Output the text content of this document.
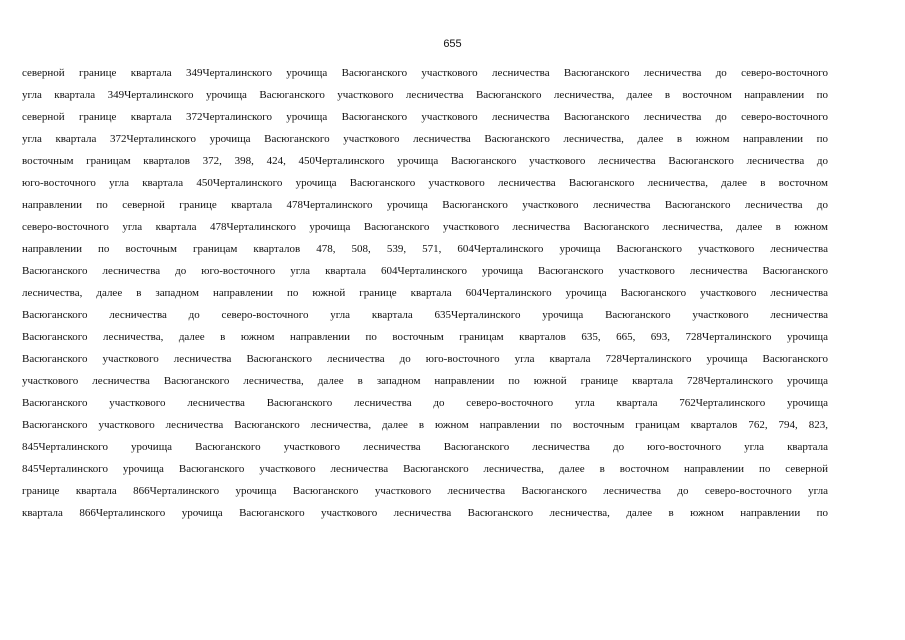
655
северной границе квартала 349Черталинского урочища Васюганского участкового лесничества Васюганского лесничества до северо-восточного
угла квартала 349Черталинского урочища Васюганского участкового лесничества Васюганского лесничества, далее в восточном направлении по
северной границе квартала 372Черталинского урочища Васюганского участкового лесничества Васюганского лесничества до северо-восточного
угла квартала 372Черталинского урочища Васюганского участкового лесничества Васюганского лесничества, далее в южном направлении по
восточным границам кварталов 372, 398, 424, 450Черталинского урочища Васюганского участкового лесничества Васюганского лесничества до
юго-восточного угла квартала 450Черталинского урочища Васюганского участкового лесничества Васюганского лесничества, далее в восточном
направлении по северной границе квартала 478Черталинского урочища Васюганского участкового лесничества Васюганского лесничества до
северо-восточного угла квартала 478Черталинского урочища Васюганского участкового лесничества Васюганского лесничества, далее в южном
направлении по восточным границам кварталов 478, 508, 539, 571, 604Черталинского урочища Васюганского участкового лесничества
Васюганского лесничества до юго-восточного угла квартала 604Черталинского урочища Васюганского участкового лесничества Васюганского
лесничества, далее в западном направлении по южной границе квартала 604Черталинского урочища Васюганского участкового лесничества
Васюганского лесничества до северо-восточного угла квартала 635Черталинского урочища Васюганского участкового лесничества
Васюганского лесничества, далее в южном направлении по восточным границам кварталов 635, 665, 693, 728Черталинского урочища
Васюганского участкового лесничества Васюганского лесничества до юго-восточного угла квартала 728Черталинского урочища Васюганского
участкового лесничества Васюганского лесничества, далее в западном направлении по южной границе квартала 728Черталинского урочища
Васюганского участкового лесничества Васюганского лесничества до северо-восточного угла квартала 762Черталинского урочища
Васюганского участкового лесничества Васюганского лесничества, далее в южном направлении по восточным границам кварталов 762, 794, 823,
845Черталинского урочища Васюганского участкового лесничества Васюганского лесничества до юго-восточного угла квартала
845Черталинского урочища Васюганского участкового лесничества Васюганского лесничества, далее в восточном направлении по северной
границе квартала 866Черталинского урочища Васюганского участкового лесничества Васюганского лесничества до северо-восточного угла
квартала 866Черталинского урочища Васюганского участкового лесничества Васюганского лесничества, далее в южном направлении по
